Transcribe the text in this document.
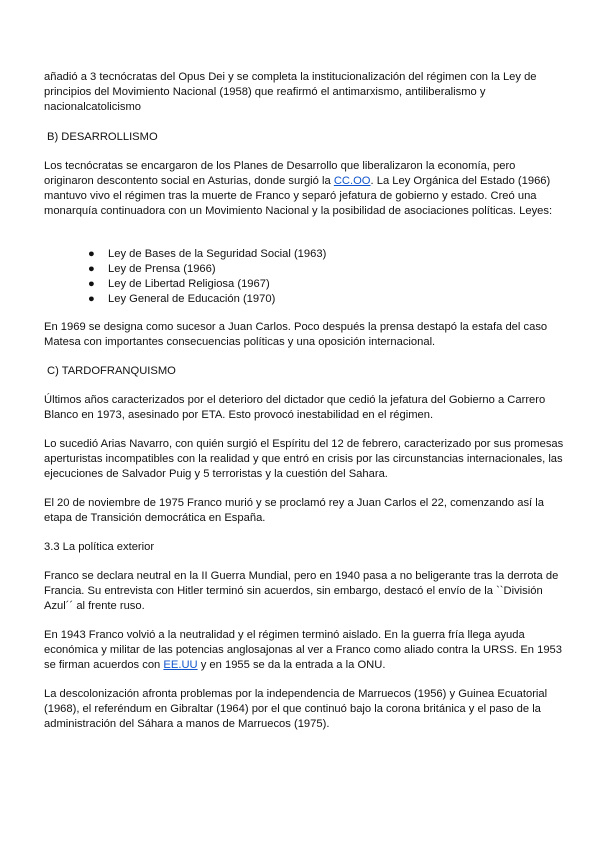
añadió a 3 tecnócratas del Opus Dei y se completa la institucionalización del régimen con la Ley de principios del Movimiento Nacional (1958) que reafirmó el antimarxismo, antiliberalismo y nacionalcatolicismo

B) DESARROLLISMO

Los tecnócratas se encargaron de los Planes de Desarrollo que liberalizaron la economía, pero originaron descontento social en Asturias, donde surgió la CC.OO. La Ley Orgánica del Estado (1966) mantuvo vivo el régimen tras la muerte de Franco y separó jefatura de gobierno y estado. Creó una monarquía continuadora con un Movimiento Nacional y la posibilidad de asociaciones políticas. Leyes:

● Ley de Bases de la Seguridad Social (1963)
● Ley de Prensa (1966)
● Ley de Libertad Religiosa (1967)
● Ley General de Educación (1970)

En 1969 se designa como sucesor a Juan Carlos. Poco después la prensa destapó la estafa del caso Matesa con importantes consecuencias políticas y una oposición internacional.

C) TARDOFRANQUISMO

Últimos años caracterizados por el deterioro del dictador que cedió la jefatura del Gobierno a Carrero Blanco en 1973, asesinado por ETA. Esto provocó inestabilidad en el régimen.

Lo sucedió Arias Navarro, con quién surgió el Espíritu del 12 de febrero, caracterizado por sus promesas aperturistas incompatibles con la realidad y que entró en crisis por las circunstancias internacionales, las ejecuciones de Salvador Puig y 5 terroristas y la cuestión del Sahara.

El 20 de noviembre de 1975 Franco murió y se proclamó rey a Juan Carlos el 22, comenzando así la etapa de Transición democrática en España.

3.3 La política exterior

Franco se declara neutral en la II Guerra Mundial, pero en 1940 pasa a no beligerante tras la derrota de Francia. Su entrevista con Hitler terminó sin acuerdos, sin embargo, destacó el envío de la ``División Azul´´ al frente ruso.

En 1943 Franco volvió a la neutralidad y el régimen terminó aislado. En la guerra fría llega ayuda económica y militar de las potencias anglosajonas al ver a Franco como aliado contra la URSS. En 1953 se firman acuerdos con EE.UU y en 1955 se da la entrada a la ONU.

La descolonización afronta problemas por la independencia de Marruecos (1956) y Guinea Ecuatorial (1968), el referéndum en Gibraltar (1964) por el que continuó bajo la corona británica y el paso de la administración del Sáhara a manos de Marruecos (1975).
